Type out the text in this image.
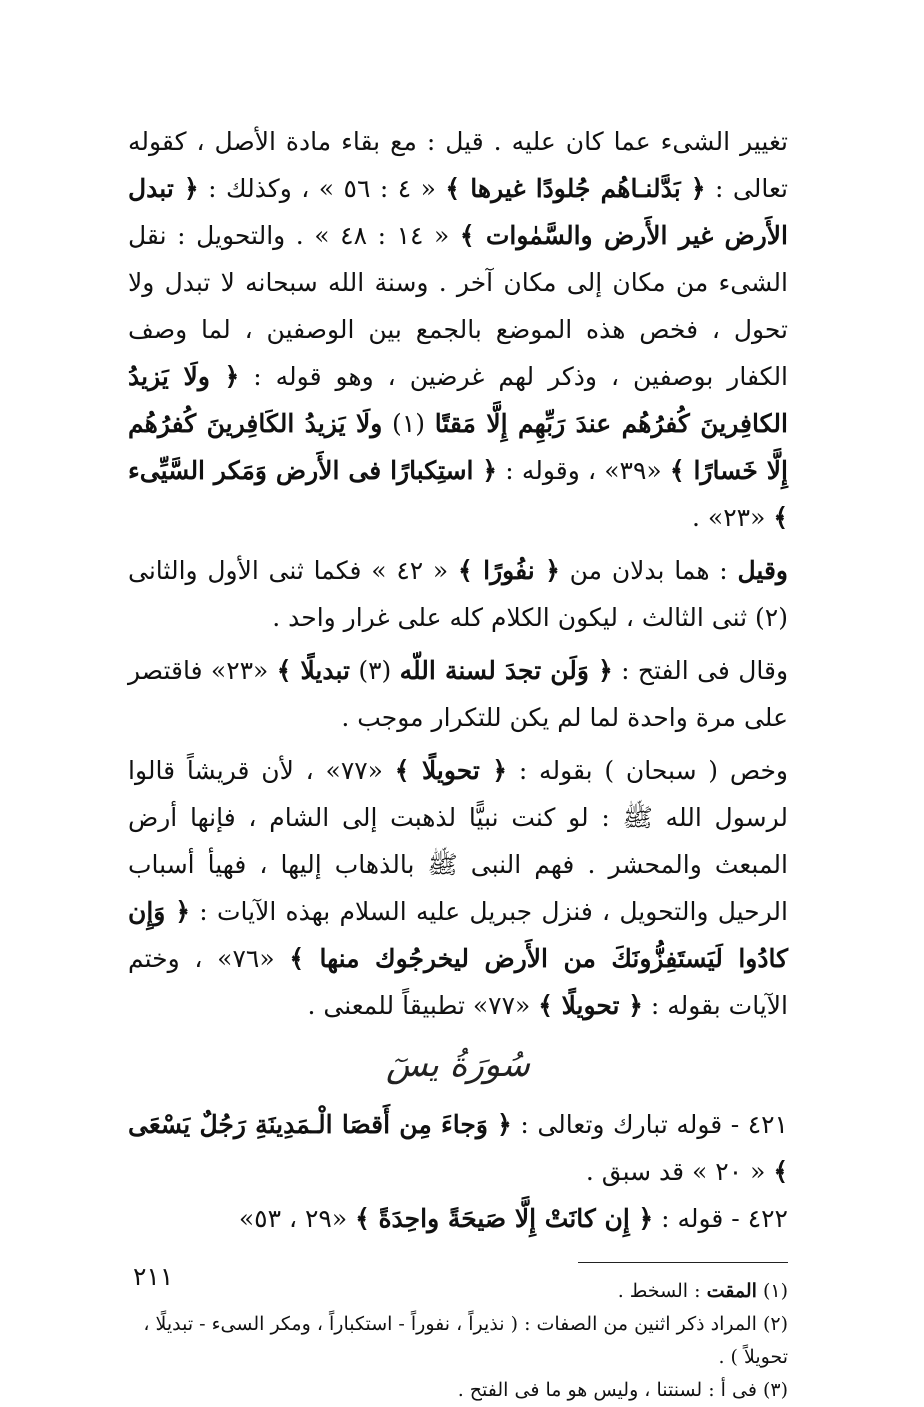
تغيير الشىء عما كان عليه . قيل : مع بقاء مادة الأصل ، كقوله تعالى : ﴿ بَدَّلنـاهُم جُلودًا غيرها ﴾ « ٤ : ٥٦ » ، وكذلك : ﴿ تبدل الأَرض غير الأَرض والسَّمٰوات ﴾ « ١٤ : ٤٨ » . والتحويل : نقل الشىء من مكان إلى مكان آخر . وسنة الله سبحانه لا تبدل ولا تحول ، فخص هذه الموضع بالجمع بين الوصفين ، لما وصف الكفار بوصفين ، وذكر لهم غرضين ، وهو قوله : ﴿ ولَا يَزيدُ الكافِرينَ كُفرُهُم عندَ رَبِّهِم إِلَّا مَقتًا (١) ولَا يَزيدُ الكَافِرينَ كُفرُهُم إِلَّا خَسارًا ﴾ «٣٩» ، وقوله : ﴿ استِكبارًا فى الأَرض وَمَكر السَّيِّىء ﴾ «٢٣» .

وقيل : هما بدلان من ﴿ نفُورًا ﴾ « ٤٢ » فكما ثنى الأول والثانى (٢) ثنى الثالث ، ليكون الكلام كله على غرار واحد .

وقال فى الفتح : ﴿ وَلَن تجدَ لسنة اللّه (٣) تبديلًا ﴾ «٢٣» فاقتصر على مرة واحدة لما لم يكن للتكرار موجب .

وخص ( سبحان ) بقوله : ﴿ تحويلًا ﴾ «٧٧» ، لأن قريشاً قالوا لرسول الله ﷺ : لو كنت نبيًّا لذهبت إلى الشام ، فإنها أرض المبعث والمحشر . فهم النبى ﷺ بالذهاب إليها ، فهيأ أسباب الرحيل والتحويل ، فنزل جبريل عليه السلام بهذه الآيات : ﴿ وَإِن كادُوا لَيَستَفِزُّونَكَ من الأَرض ليخرجُوك منها ﴾ «٧٦» ، وختم الآيات بقوله : ﴿ تحويلًا ﴾ «٧٧» تطبيقاً للمعنى .

سُورَةُ يسٓ

٤٢١ - قوله تبارك وتعالى : ﴿ وَجاءَ مِن أَقصَا الْـمَدِينَةِ رَجُلٌ يَسْعَى ﴾ « ٢٠ » قد سبق .

٤٢٢ - قوله : ﴿ إِن كانَتْ إِلَّا صَيحَةً واحِدَةً ﴾ «٢٩ ، ٥٣»

(١) المقت : السخط .

(٢) المراد ذكر اثنين من الصفات : ( نذيراً ، نفوراً - استكباراً ، ومكر السىء - تبديلًا ، تحويلاً ) .

(٣) فى أ : لسنتنا ، وليس هو ما فى الفتح .

٢١١
